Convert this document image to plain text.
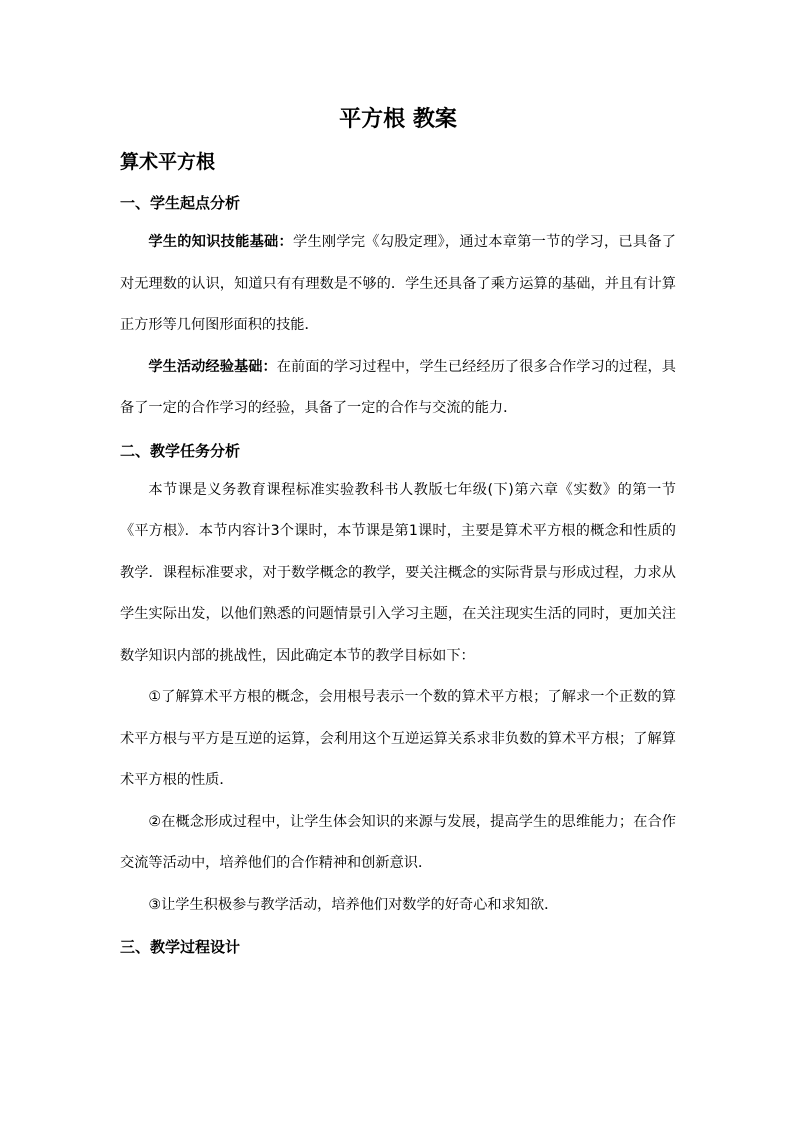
平方根 教案
算术平方根
一、学生起点分析

学生的知识技能基础：学生刚学完《勾股定理》，通过本章第一节的学习，已具备了对无理数的认识，知道只有有理数是不够的．学生还具备了乘方运算的基础，并且有计算正方形等几何图形面积的技能．

学生活动经验基础：在前面的学习过程中，学生已经经历了很多合作学习的过程，具备了一定的合作学习的经验，具备了一定的合作与交流的能力．

二、教学任务分析

本节课是义务教育课程标准实验教科书人教版七年级(下)第六章《实数》的第一节《平方根》．本节内容计3个课时，本节课是第1课时，主要是算术平方根的概念和性质的教学．课程标准要求，对于数学概念的教学，要关注概念的实际背景与形成过程，力求从学生实际出发，以他们熟悉的问题情景引入学习主题，在关注现实生活的同时，更加关注数学知识内部的挑战性，因此确定本节的教学目标如下：

①了解算术平方根的概念，会用根号表示一个数的算术平方根；了解求一个正数的算术平方根与平方是互逆的运算，会利用这个互逆运算关系求非负数的算术平方根；了解算术平方根的性质．

②在概念形成过程中，让学生体会知识的来源与发展，提高学生的思维能力；在合作交流等活动中，培养他们的合作精神和创新意识．

③让学生积极参与教学活动，培养他们对数学的好奇心和求知欲．

三、教学过程设计
